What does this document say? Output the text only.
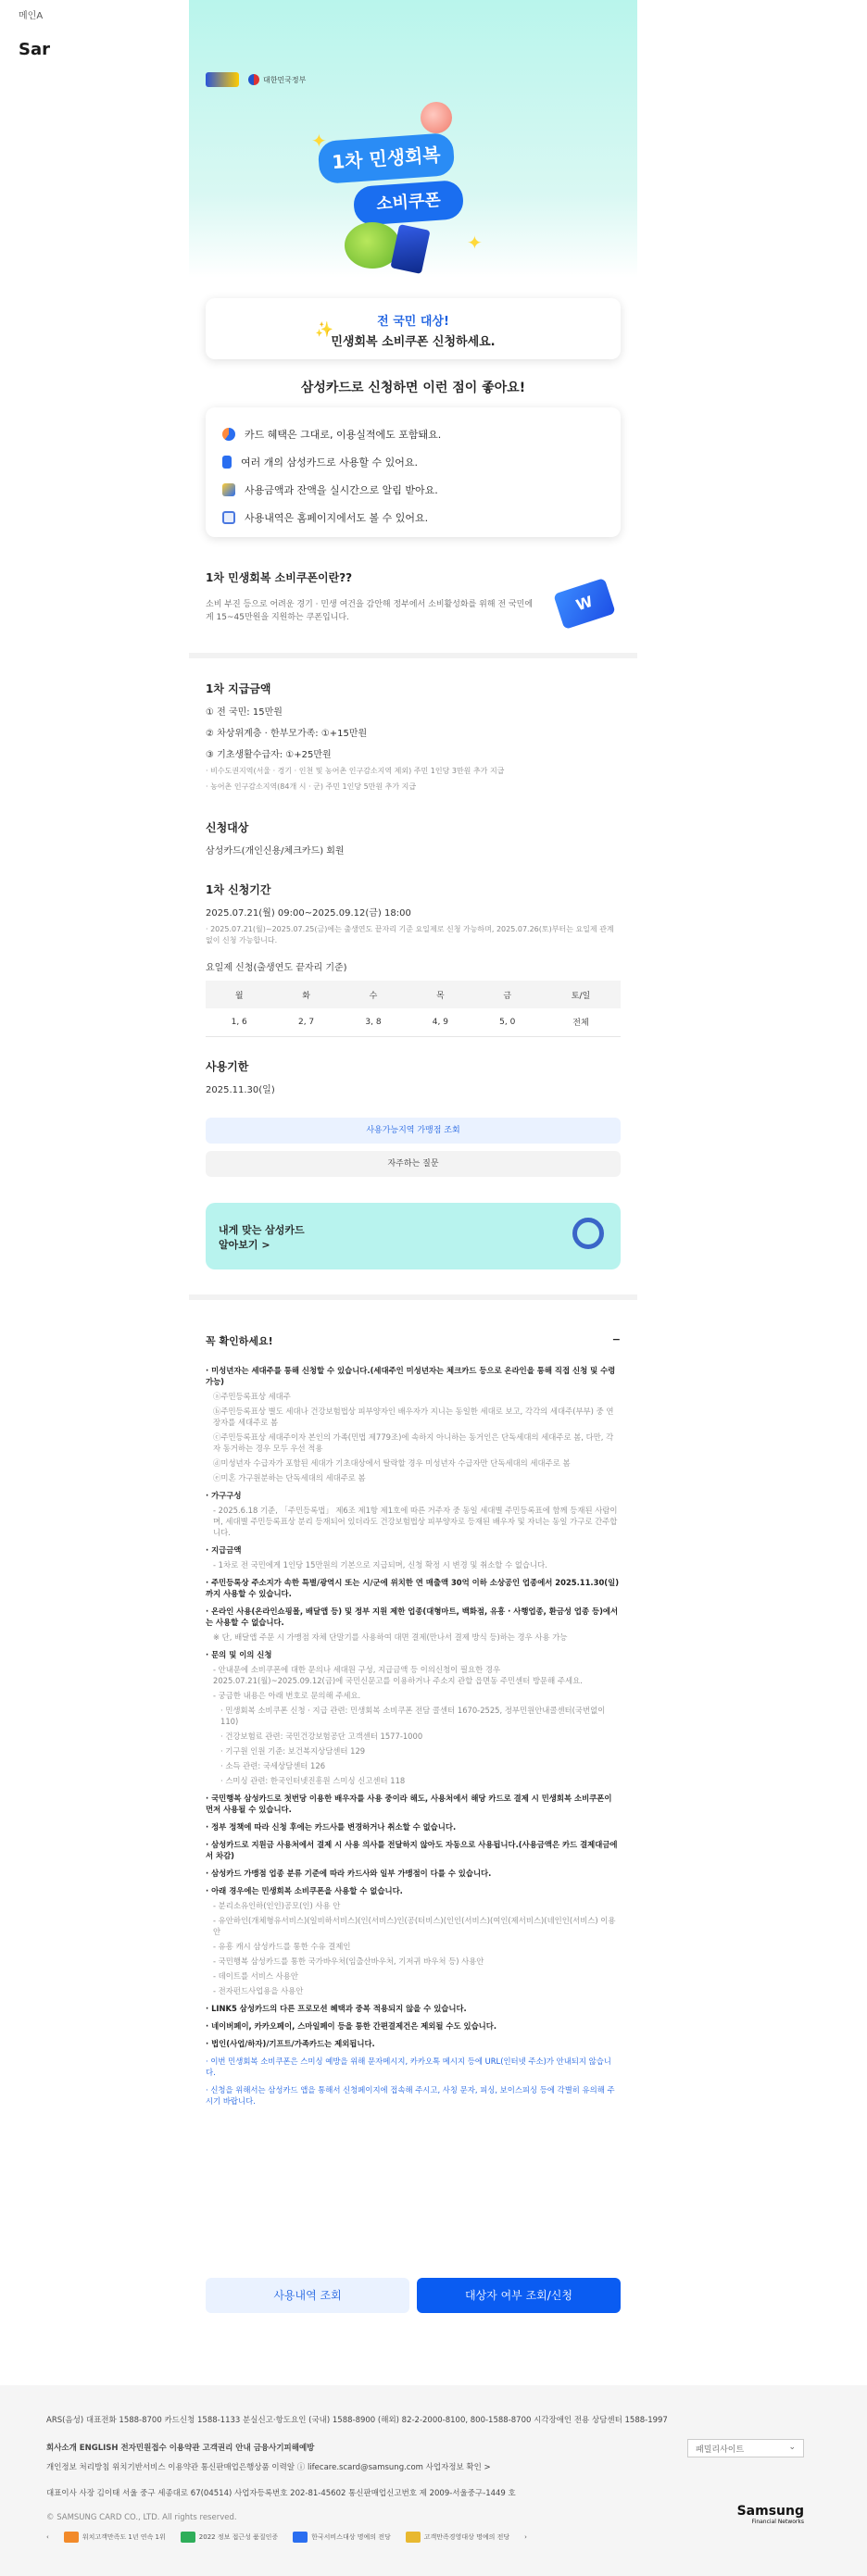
메인A
Sar
대한민국정부
✦
✦
1차 민생회복
소비쿠폰
✨	전 국민 대상!
민생회복 소비쿠폰 신청하세요.
삼성카드로 신청하면 이런 점이 좋아요!
카드 혜택은 그대로, 이용실적에도 포함돼요.
여러 개의 삼성카드로 사용할 수 있어요.
사용금액과 잔액을 실시간으로 알림 받아요.
사용내역은 홈페이지에서도 볼 수 있어요.
1차 민생회복 소비쿠폰이란??

소비 부진 등으로 어려운 경기 · 민생 여건을 감안해 정부에서 소비활성화를 위해 전 국민에게 15~45만원을 지원하는 쿠폰입니다.

W
1차 지급금액
① 전 국민: 15만원
② 차상위계층 · 한부모가족: ①+15만원
③ 기초생활수급자: ①+25만원
· 비수도권지역(서울 · 경기 · 인천 및 농어촌 인구감소지역 제외) 주민 1인당 3만원 추가 지급
· 농어촌 인구감소지역(84개 시 · 군) 주민 1인당 5만원 추가 지급
신청대상

삼성카드(개인신용/체크카드) 회원

1차 신청기간
2025.07.21(월) 09:00~2025.09.12(금) 18:00
· 2025.07.21(월)~2025.07.25(금)에는 출생연도 끝자리 기준 요일제로 신청 가능하며, 2025.07.26(토)부터는 요일제 관계없이 신청 가능합니다.
요일제 신청(출생연도 끝자리 기준)
월	화	수	목	금	토/일
1, 6	2, 7	3, 8	4, 9	5, 0	전체
사용기한

2025.11.30(일)

사용가능지역 가맹점 조회
자주하는 질문
내게 맞는 삼성카드
알아보기 >
꼭 확인하세요!	−
· 미성년자는 세대주를 통해 신청할 수 있습니다.(세대주인 미성년자는 체크카드 등으로 온라인을 통해 직접 신청 및 수령 가능)
ⓐ주민등록표상 세대주
ⓑ주민등록표상 별도 세대나 건강보험법상 피부양자인 배우자가 지니는 동일한 세대로 보고, 각각의 세대주(부부) 중 연장자를 세대주로 봄
ⓒ주민등록표상 세대주이자 본인의 가족(민법 제779조)에 속하지 아니하는 동거인은 단독세대의 세대주로 봄, 다만, 각자 동거하는 경우 모두 우선 적용
ⓓ미성년자 수급자가 포함된 세대가 기초대상에서 탈락할 경우 미성년자 수급자만 단독세대의 세대주로 봄
ⓔ미혼 가구원분하는 단독세대의 세대주로 봄
· 가구구성
- 2025.6.18 기준, 「주민등록법」 제6조 제1항 제1호에 따른 거주자 중 동일 세대별 주민등록표에 함께 등재된 사람이며, 세대별 주민등록표상 분리 등재되어 있더라도 건강보험법상 피부양자로 등재된 배우자 및 자녀는 동일 가구로 간주합니다.
· 지급금액
- 1차로 전 국민에게 1인당 15만원의 기본으로 지급되며, 신청 확정 시 변경 및 취소할 수 없습니다.
· 주민등록상 주소지가 속한 특별/광역시 또는 시/군에 위치한 연 매출액 30억 이하 소상공인 업종에서 2025.11.30(일)까지 사용할 수 있습니다.
· 온라인 사용(온라인쇼핑몰, 배달앱 등) 및 정부 지원 제한 업종(대형마트, 백화점, 유흥 · 사행업종, 환금성 업종 등)에서는 사용할 수 없습니다.
※ 단, 배달앱 주문 시 가맹점 자체 단말기를 사용하여 대면 결제(만나서 결제 방식 등)하는 경우 사용 가능
· 문의 및 이의 신청
- 안내문에 소비쿠폰에 대한 문의나 세대원 구성, 지급금액 등 이의신청이 필요한 경우 2025.07.21(월)~2025.09.12(금)에 국민신문고를 이용하거나 주소지 관할 읍면동 주민센터 방문해 주세요.
- 궁금한 내용은 아래 번호로 문의해 주세요.
· 민생회복 소비쿠폰 신청 · 지급 관련: 민생회복 소비쿠폰 전담 콜센터 1670-2525, 정부민원안내콜센터(국번없이 110)
· 건강보험료 관련: 국민건강보험공단 고객센터 1577-1000
· 기구원 인원 기준: 보건복지상담센터 129
· 소득 관련: 국세상담센터 126
· 스미싱 관련: 한국인터넷진흥원 스미싱 신고센터 118
· 국민행복 삼성카드로 첫번당 이용한 배우자를 사용 중이라 해도, 사용처에서 해당 카드로 결제 시 민생회복 소비쿠폰이 먼저 사용될 수 있습니다.
· 정부 정책에 따라 신청 후에는 카드사를 변경하거나 취소할 수 없습니다.
· 삼성카드로 지원금 사용처에서 결제 시 사용 의사를 전달하지 않아도 자동으로 사용됩니다.(사용금액은 카드 결제대금에서 차감)
· 삼성카드 가맹점 업종 분류 기준에 따라 카드사와 일부 가맹점이 다를 수 있습니다.
· 아래 경우에는 민생회복 소비쿠폰을 사용할 수 없습니다.
- 분리소유인하(인인)공모(인) 사용 안
- 유안하인(개체형유서비스)(일비하서비스)(인(서비스)인(공(터비스)(인인(서비스)(여인(제서비스)(네인인(서비스) 이용안
- 유흥 캐시 삼성카드를 통한 수유 결제인
- 국민행복 삼성카드를 통한 국가바우처(임출산바우처, 기저귀 바우처 등) 사용안
- 데이트를 서비스 사용안
- 전자펀드사업용을 사용안
· LINK5 삼성카드의 다른 프로모션 혜택과 중복 적용되지 않을 수 있습니다.
· 네이버페이, 카카오페이, 스마일페이 등을 통한 간편결제건은 제외될 수도 있습니다.
· 법인(사업/하자)/기프트/가족카드는 제외됩니다.
· 이번 민생회복 소비쿠폰은 스미싱 예방을 위해 문자메시지, 카카오톡 메시지 등에 URL(인터넷 주소)가 안내되지 않습니다.
· 신청을 위해서는 삼성카드 앱을 통해서 신청페이지에 접속해 주시고, 사칭 문자, 피싱, 보이스피싱 등에 각별히 유의해 주시기 바랍니다.
사용내역 조회	대상자 여부 조회/신청
ARS(음성) 대표전화 1588-8700 카드신청 1588-1133 분실신고·항도요인 (국내) 1588-8900 (해외) 82-2-2000-8100, 800-1588-8700 시각장애인 전용 상담센터 1588-1997
회사소개 ENGLISH 전자민원접수 이용약관 고객권리 안내 금융사기피해예방
개인정보 처리방침 위치기반서비스 이용약관 통신판매업은행상품 이력알 ⓘ lifecare.scard@samsung.com 사업자정보 확인 >
대표이사 사장 김이태 서울 중구 세종대로 67(04514) 사업자등록번호 202-81-45602 통신판매업신고번호 제 2009-서울중구-1449 호
© SAMSUNG CARD CO., LTD. All rights reserved.
‹	워치고객만족도 1년 연속 1위	2022 정보 접근성 품질인증	한국서비스대상 명예의 전당	고객만족경영대상 명예의 전당 ›
패밀리사이트	⌄
Samsung
Financial Networks
